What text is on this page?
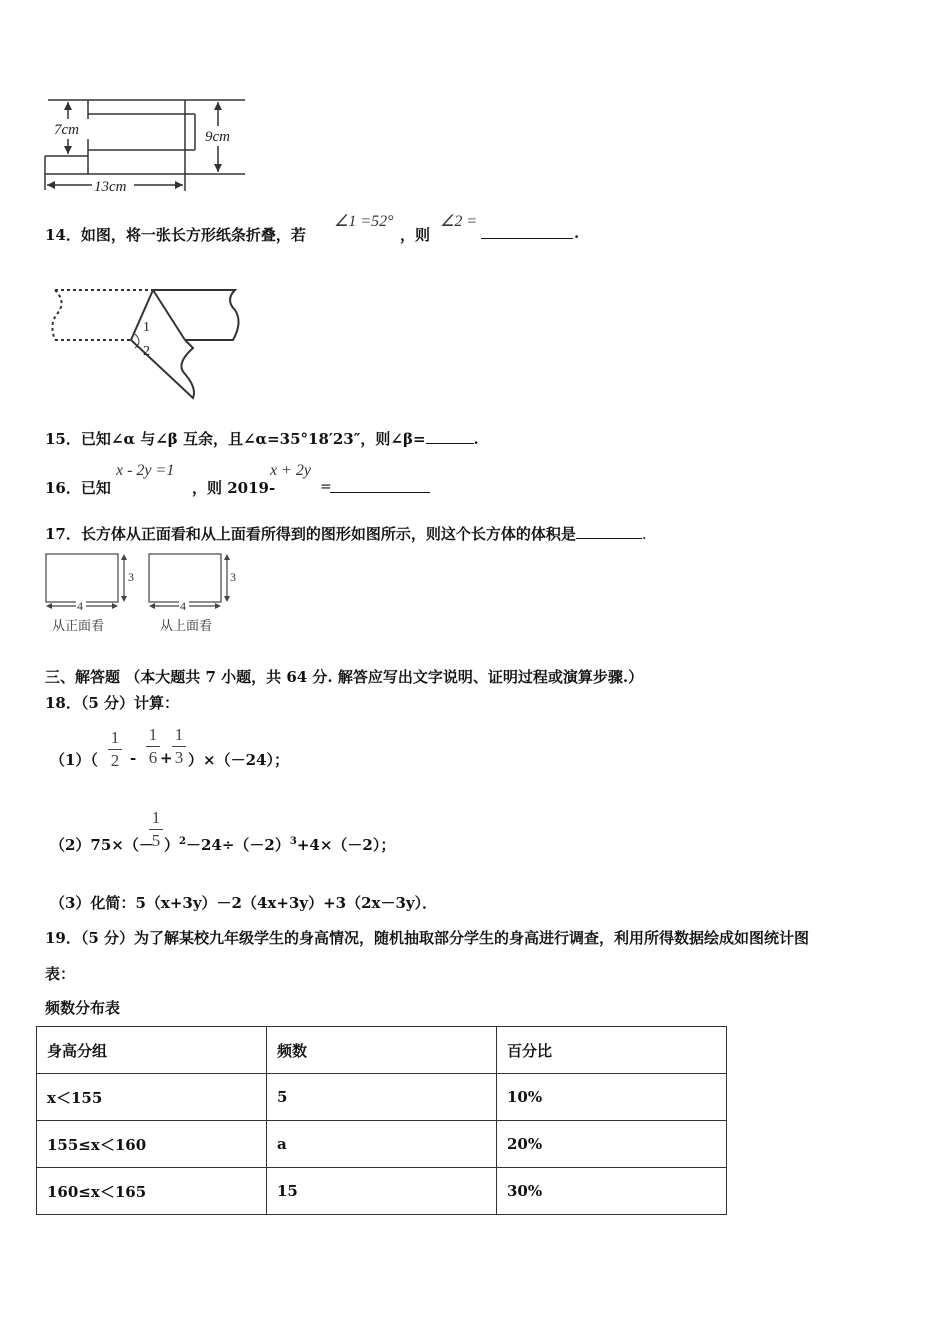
7cm	9cm
13cm
14．如图，将一张长方形纸条折叠，若
∠1 =52°
，则
∠2 =
.
1
2
15．已知∠α 与∠β 互余，且∠α=35°18′23″，则∠β=	.
16．已知
x - 2y =1
，则 2019-
x + 2y
=
17．长方体从正面看和从上面看所得到的图形如图所示，则这个长方体的体积是	.
4	4
3	3
从正面看	从上面看
三、解答题 （本大题共 7 小题，共 64 分. 解答应写出文字说明、证明过程或演算步骤.）
18．（5 分）计算：
（1）（
1
2 -
1
6 +
1
3 ）×（－24）；
（2）75×（－
1
5 ）$^2-24\div(-2)^3+4\times(-2)$；
（3）化简：5（x+3y）－2（4x+3y）+3（2x－3y）．
19．（5 分）为了解某校九年级学生的身高情况，随机抽取部分学生的身高进行调查，利用所得数据绘成如图统计图
表：
频数分布表
身高分组	频数	百分比
x＜155	5	10%
155≤x＜160	a	20%
160≤x＜165	15	30%
